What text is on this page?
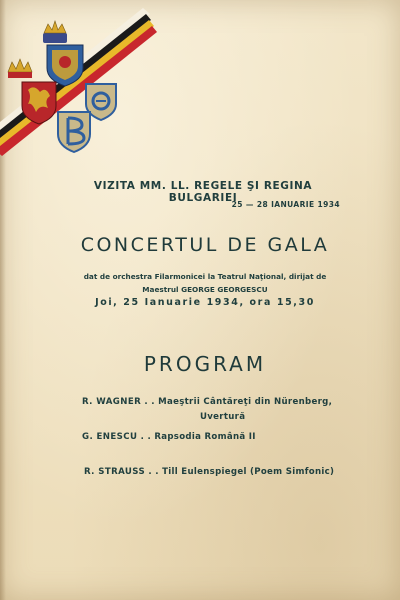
VIZITA MM. LL. REGELE ŞI REGINA BULGARIEI
25 — 28 IANUARIE 1934
CONCERTUL DE GALA
dat de orchestra Filarmonicei la Teatrul Naţional, dirijat de
Maestrul GEORGE GEORGESCU
Joi, 25 Ianuarie 1934, ora 15,30
PROGRAM
R. WAGNER . . Maeştrii Cântăreţi din Nürenberg,
Uvertură
G. ENESCU . . Rapsodia Română II
R. STRAUSS . . Till Eulenspiegel (Poem Simfonic)
